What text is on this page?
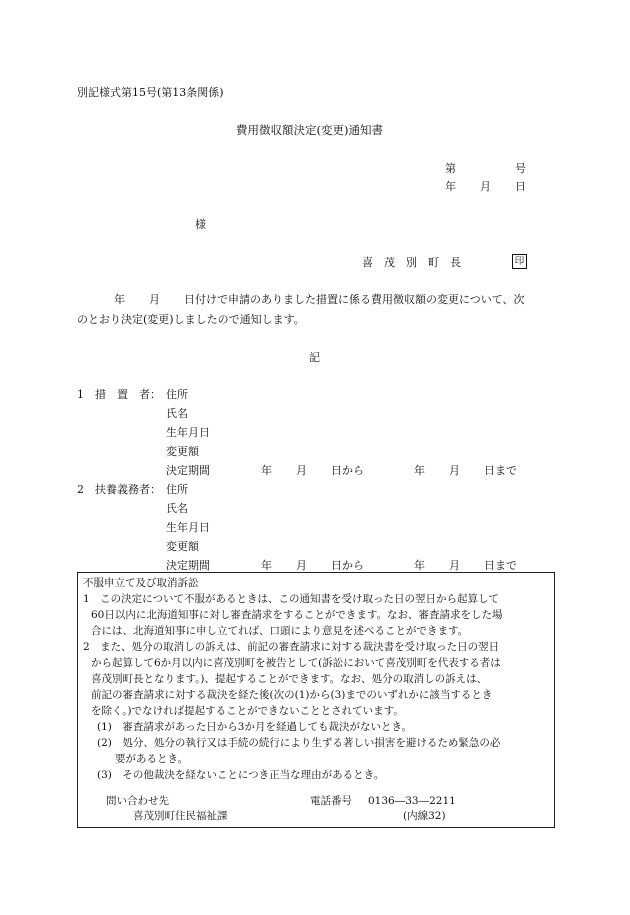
別記様式第15号(第13条関係)
費用徴収額決定(変更)通知書
第	号
年 月 日
様
喜　茂　別　町　長	印
年 月 日付けで申請のありました措置に係る費用徴収額の変更について、次
のとおり決定(変更)しましたので通知します。
記
1　措　置　者： 住所
氏名
生年月日
変更額
決定期間	年 月 日から	年 月 日まで
2　扶養義務者： 住所
氏名
生年月日
変更額
決定期間	年 月 日から	年 月 日まで
不服申立て及び取消訴訟
1　この決定について不服があるときは、この通知書を受け取った日の翌日から起算して
60日以内に北海道知事に対し審査請求をすることができます。なお、審査請求をした場
合には、北海道知事に申し立てれば、口頭により意見を述べることができます。
2　また、処分の取消しの訴えは、前記の審査請求に対する裁決書を受け取った日の翌日
から起算して6か月以内に喜茂別町を被告として(訴訟において喜茂別町を代表する者は
喜茂別町長となります。)、提起することができます。なお、処分の取消しの訴えは、
前記の審査請求に対する裁決を経た後(次の(1)から(3)までのいずれかに該当するとき
を除く。)でなければ提起することができないこととされています。
(1)　審査請求があった日から3か月を経過しても裁決がないとき。
(2)　処分、処分の執行又は手続の続行により生ずる著しい損害を避けるため緊急の必
要があるとき。
(3)　その他裁決を経ないことにつき正当な理由があるとき。
問い合わせ先
喜茂別町住民福祉課
電話番号 0136―33―2211
(内線32)
